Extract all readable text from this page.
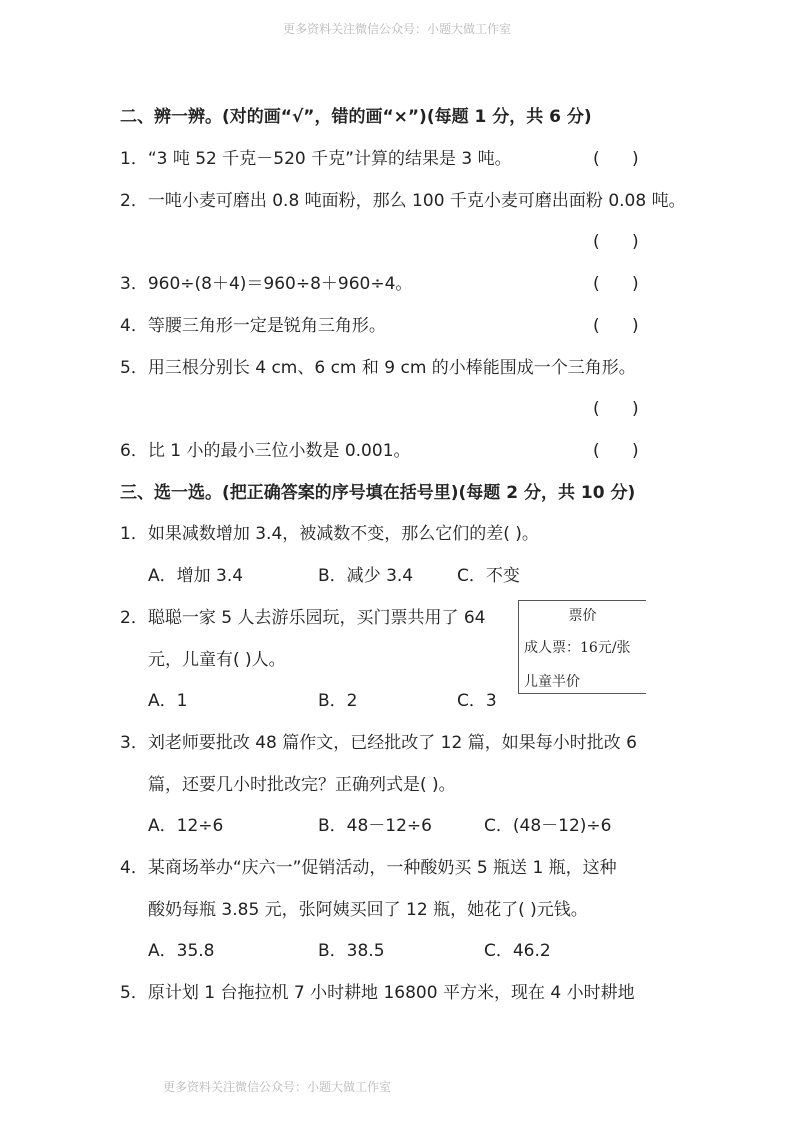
更多资料关注微信公众号：小题大做工作室
二、辨一辨。(对的画“√”，错的画“×”)(每题 1 分，共 6 分)
1．“3 吨 52 千克－520 千克”计算的结果是 3 吨。	(      )
2．一吨小麦可磨出 0.8 吨面粉，那么 100 千克小麦可磨出面粉 0.08 吨。
(      )
3．960÷(8＋4)＝960÷8＋960÷4。	(      )
4．等腰三角形一定是锐角三角形。	(      )
5．用三根分别长 4 cm、6 cm 和 9 cm 的小棒能围成一个三角形。
(      )
6．比 1 小的最小三位小数是 0.001。	(      )
三、选一选。(把正确答案的序号填在括号里)(每题 2 分，共 10 分)
1．如果减数增加 3.4，被减数不变，那么它们的差( )。
A．增加 3.4	B．减少 3.4	C．不变
2．聪聪一家 5 人去游乐园玩，买门票共用了 64
元，儿童有( )人。
票价
成人票：16元/张
儿童半价
A．1	B．2	C．3
3．刘老师要批改 48 篇作文，已经批改了 12 篇，如果每小时批改 6
篇，还要几小时批改完？正确列式是( )。
A．12÷6	B．48－12÷6	C．(48－12)÷6
4．某商场举办“庆六一”促销活动，一种酸奶买 5 瓶送 1 瓶，这种
酸奶每瓶 3.85 元，张阿姨买回了 12 瓶，她花了( )元钱。
A．35.8	B．38.5	C．46.2
5．原计划 1 台拖拉机 7 小时耕地 16800 平方米，现在 4 小时耕地
更多资料关注微信公众号：小题大做工作室
